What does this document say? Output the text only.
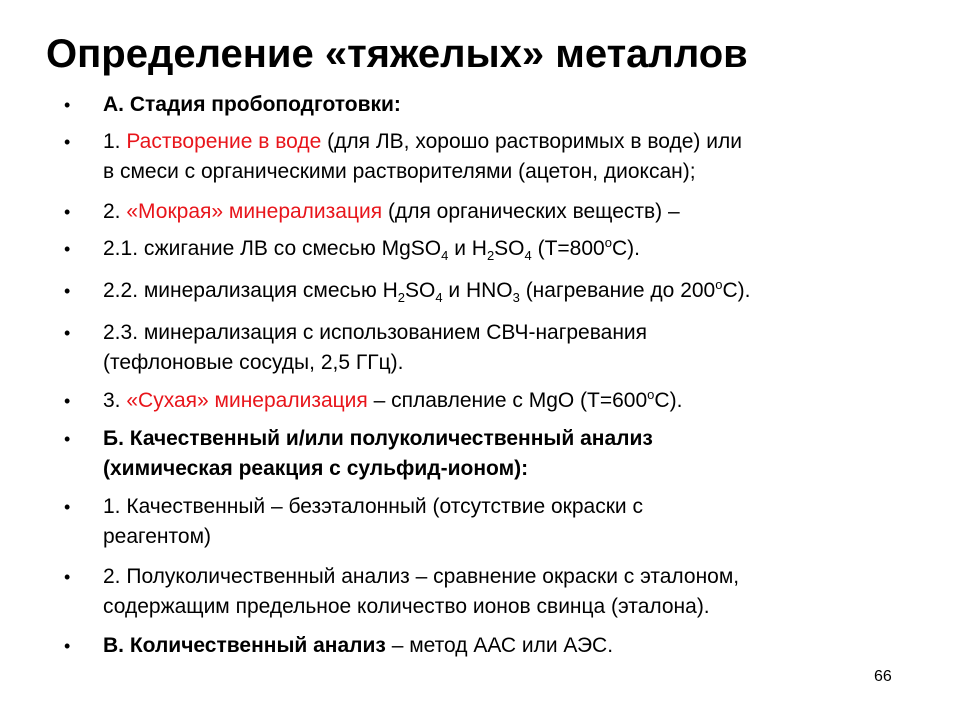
Определение «тяжелых» металлов
• А. Стадия пробоподготовки:
• 1. Растворение в воде (для ЛВ, хорошо растворимых в воде) или
в смеси с органическими растворителями (ацетон, диоксан);
• 2. «Мокрая» минерализация (для органических веществ) –
• 2.1. сжигание ЛВ со смесью MgSO$_4$ и $H_2SO_4$ $(T=800^oC)$.
• 2.2. минерализация смесью $H_2SO_4$ и $HNO_3$ (нагревание до 200$^o$C).
• 2.3. минерализация с использованием СВЧ-нагревания
(тефлоновые сосуды, 2,5 ГГц).
• 3. «Сухая» минерализация – сплавление с MgO $(T=600^oC)$.
• Б. Качественный и/или полуколичественный анализ
(химическая реакция с сульфид-ионом):
• 1. Качественный – безэталонный (отсутствие окраски с
реагентом)
• 2. Полуколичественный анализ – сравнение окраски с эталоном,
содержащим предельное количество ионов свинца (эталона).
• В. Количественный анализ – метод ААС или АЭС.
66
